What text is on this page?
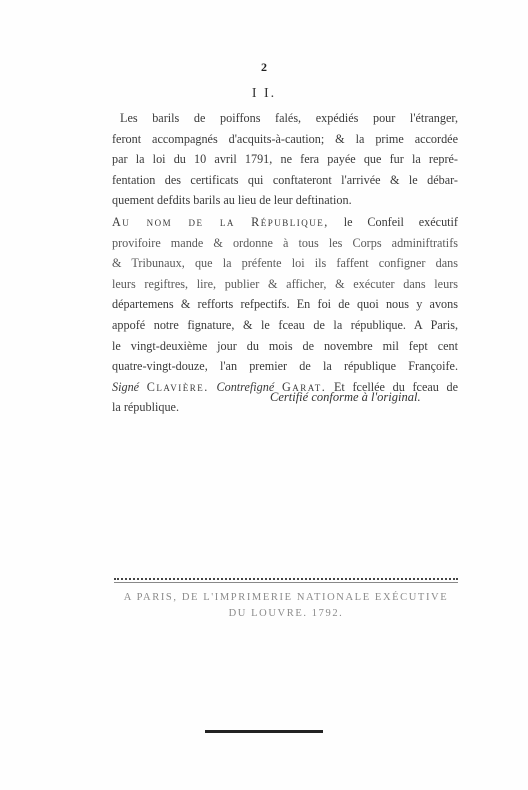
2
I I.
Les barils de poiffons falés, expédiés pour l'étranger,
feront accompagnés d'acquits-à-caution; & la prime accordée
par la loi du 10 avril 1791, ne fera payée que fur la repré-
fentation des certificats qui conftateront l'arrivée & le débar-
quement defdits barils au lieu de leur deftination.
Au nom de la République, le Confeil exécutif
provifoire mande & ordonne à tous les Corps adminiftratifs
& Tribunaux, que la préfente loi ils faffent configner dans
leurs regiftres, lire, publier & afficher, & exécuter dans leurs
départemens & refforts refpectifs. En foi de quoi nous y avons
appofé notre fignature, & le fceau de la république. A Paris,
le vingt-deuxième jour du mois de novembre mil fept cent
quatre-vingt-douze, l'an premier de la république Françoife.
Signé Clavière. Contrefigné Garat. Et fcellée du fceau de
la république.
Certifié conforme à l'original.
A PARIS, DE L'IMPRIMERIE NATIONALE EXÉCUTIVE
DU LOUVRE. 1792.
